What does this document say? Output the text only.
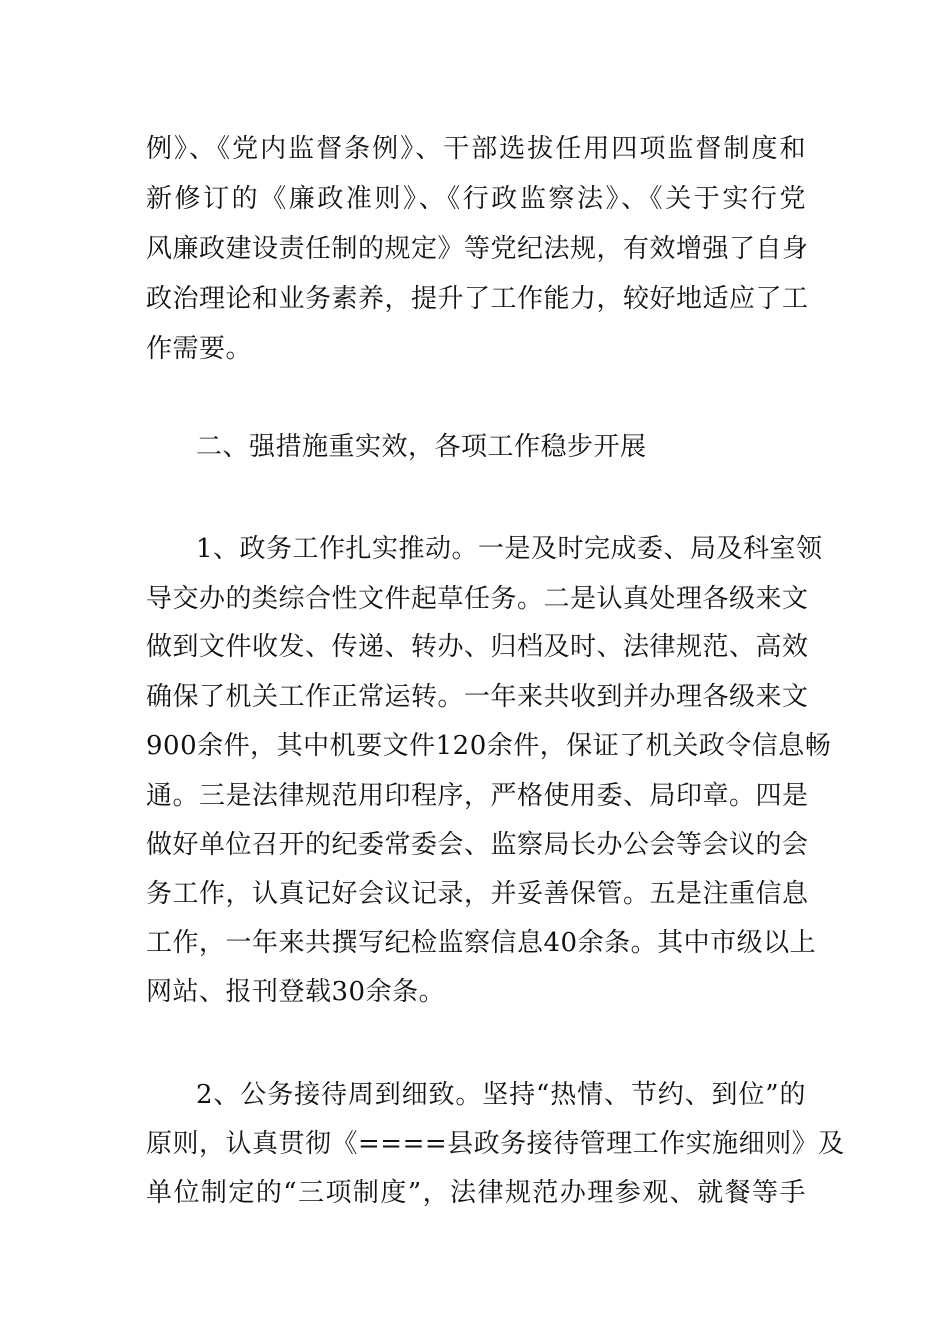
例》、《党内监督条例》、干部选拔任用四项监督制度和
新修订的《廉政准则》、《行政监察法》、《关于实行党
风廉政建设责任制的规定》等党纪法规，有效增强了自身
政治理论和业务素养，提升了工作能力，较好地适应了工
作需要。
二、强措施重实效，各项工作稳步开展
1、政务工作扎实推动。一是及时完成委、局及科室领
导交办的类综合性文件起草任务。二是认真处理各级来文
做到文件收发、传递、转办、归档及时、法律规范、高效
确保了机关工作正常运转。一年来共收到并办理各级来文
900余件，其中机要文件120余件，保证了机关政令信息畅
通。三是法律规范用印程序，严格使用委、局印章。四是
做好单位召开的纪委常委会、监察局长办公会等会议的会
务工作，认真记好会议记录，并妥善保管。五是注重信息
工作，一年来共撰写纪检监察信息40余条。其中市级以上
网站、报刊登载30余条。
2、公务接待周到细致。坚持“热情、节约、到位”的
原则，认真贯彻《====县政务接待管理工作实施细则》及
单位制定的“三项制度”，法律规范办理参观、就餐等手
